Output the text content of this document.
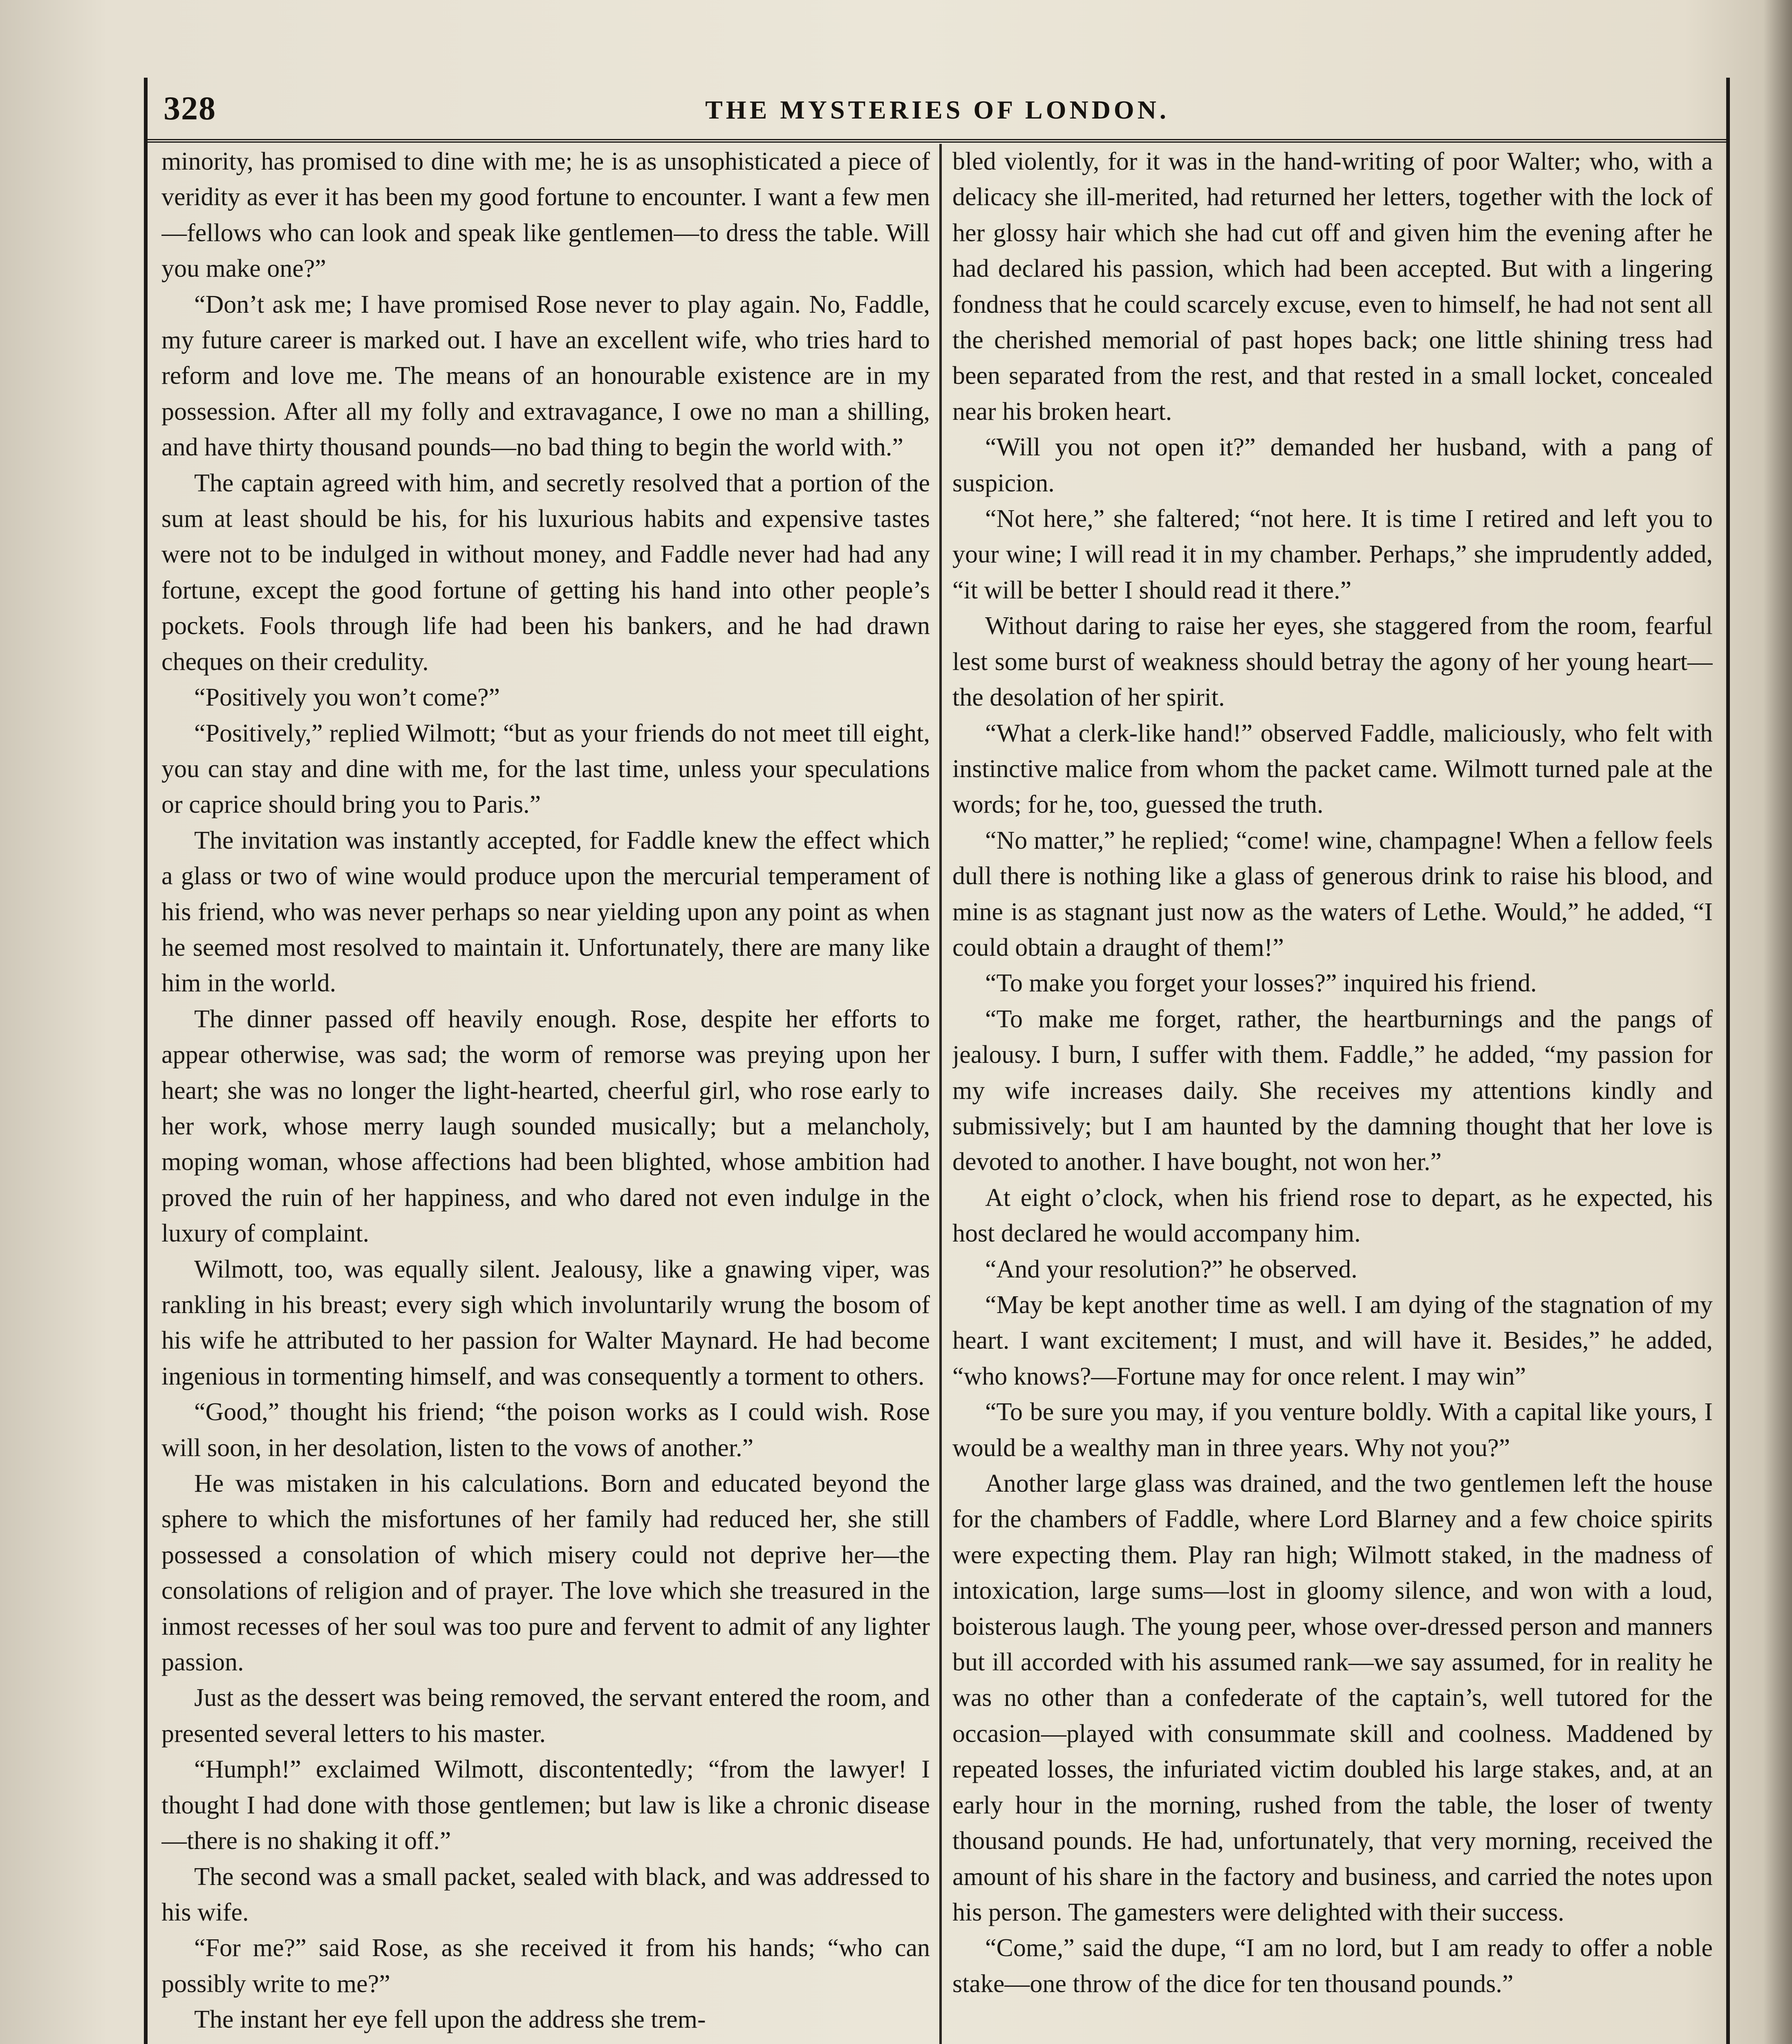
328	THE MYSTERIES OF LONDON.

minority, has promised to dine with me; he is as unsophisticated a piece of veridity as ever it has been my good fortune to encounter. I want a few men—fellows who can look and speak like gentlemen—to dress the table. Will you make one?”

“Don’t ask me; I have promised Rose never to play again. No, Faddle, my future career is marked out. I have an excellent wife, who tries hard to reform and love me. The means of an honourable existence are in my possession. After all my folly and extravagance, I owe no man a shilling, and have thirty thousand pounds—no bad thing to begin the world with.”

The captain agreed with him, and secretly resolved that a portion of the sum at least should be his, for his luxurious habits and expensive tastes were not to be indulged in without money, and Faddle never had had any fortune, except the good fortune of getting his hand into other people’s pockets. Fools through life had been his bankers, and he had drawn cheques on their credulity.

“Positively you won’t come?”

“Positively,” replied Wilmott; “but as your friends do not meet till eight, you can stay and dine with me, for the last time, unless your speculations or caprice should bring you to Paris.”

The invitation was instantly accepted, for Faddle knew the effect which a glass or two of wine would produce upon the mercurial temperament of his friend, who was never perhaps so near yielding upon any point as when he seemed most resolved to maintain it. Unfortunately, there are many like him in the world.

The dinner passed off heavily enough. Rose, despite her efforts to appear otherwise, was sad; the worm of remorse was preying upon her heart; she was no longer the light-hearted, cheerful girl, who rose early to her work, whose merry laugh sounded musically; but a melancholy, moping woman, whose affections had been blighted, whose ambition had proved the ruin of her happiness, and who dared not even indulge in the luxury of complaint.

Wilmott, too, was equally silent. Jealousy, like a gnawing viper, was rankling in his breast; every sigh which involuntarily wrung the bosom of his wife he attributed to her passion for Walter Maynard. He had become ingenious in tormenting himself, and was consequently a torment to others.

“Good,” thought his friend; “the poison works as I could wish. Rose will soon, in her desolation, listen to the vows of another.”

He was mistaken in his calculations. Born and educated beyond the sphere to which the misfortunes of her family had reduced her, she still possessed a consolation of which misery could not deprive her—the consolations of religion and of prayer. The love which she treasured in the inmost recesses of her soul was too pure and fervent to admit of any lighter passion.

Just as the dessert was being removed, the servant entered the room, and presented several letters to his master.

“Humph!” exclaimed Wilmott, discontentedly; “from the lawyer! I thought I had done with those gentlemen; but law is like a chronic disease—there is no shaking it off.”

The second was a small packet, sealed with black, and was addressed to his wife.

“For me?” said Rose, as she received it from his hands; “who can possibly write to me?”

The instant her eye fell upon the address she trem-

bled violently, for it was in the hand-writing of poor Walter; who, with a delicacy she ill-merited, had returned her letters, together with the lock of her glossy hair which she had cut off and given him the evening after he had declared his passion, which had been accepted. But with a lingering fondness that he could scarcely excuse, even to himself, he had not sent all the cherished memorial of past hopes back; one little shining tress had been separated from the rest, and that rested in a small locket, concealed near his broken heart.

“Will you not open it?” demanded her husband, with a pang of suspicion.

“Not here,” she faltered; “not here. It is time I retired and left you to your wine; I will read it in my chamber. Perhaps,” she imprudently added, “it will be better I should read it there.”

Without daring to raise her eyes, she staggered from the room, fearful lest some burst of weakness should betray the agony of her young heart—the desolation of her spirit.

“What a clerk-like hand!” observed Faddle, maliciously, who felt with instinctive malice from whom the packet came. Wilmott turned pale at the words; for he, too, guessed the truth.

“No matter,” he replied; “come! wine, champagne! When a fellow feels dull there is nothing like a glass of generous drink to raise his blood, and mine is as stagnant just now as the waters of Lethe. Would,” he added, “I could obtain a draught of them!”

“To make you forget your losses?” inquired his friend.

“To make me forget, rather, the heartburnings and the pangs of jealousy. I burn, I suffer with them. Faddle,” he added, “my passion for my wife increases daily. She receives my attentions kindly and submissively; but I am haunted by the damning thought that her love is devoted to another. I have bought, not won her.”

At eight o’clock, when his friend rose to depart, as he expected, his host declared he would accompany him.

“And your resolution?” he observed.

“May be kept another time as well. I am dying of the stagnation of my heart. I want excitement; I must, and will have it. Besides,” he added, “who knows?—Fortune may for once relent. I may win”

“To be sure you may, if you venture boldly. With a capital like yours, I would be a wealthy man in three years. Why not you?”

Another large glass was drained, and the two gentlemen left the house for the chambers of Faddle, where Lord Blarney and a few choice spirits were expecting them. Play ran high; Wilmott staked, in the madness of intoxication, large sums—lost in gloomy silence, and won with a loud, boisterous laugh. The young peer, whose over-dressed person and manners but ill accorded with his assumed rank—we say assumed, for in reality he was no other than a confederate of the captain’s, well tutored for the occasion—played with consummate skill and coolness. Maddened by repeated losses, the infuriated victim doubled his large stakes, and, at an early hour in the morning, rushed from the table, the loser of twenty thousand pounds. He had, unfortunately, that very morning, received the amount of his share in the factory and business, and carried the notes upon his person. The gamesters were delighted with their success.

“Come,” said the dupe, “I am no lord, but I am ready to offer a noble stake—one throw of the dice for ten thousand pounds.”
